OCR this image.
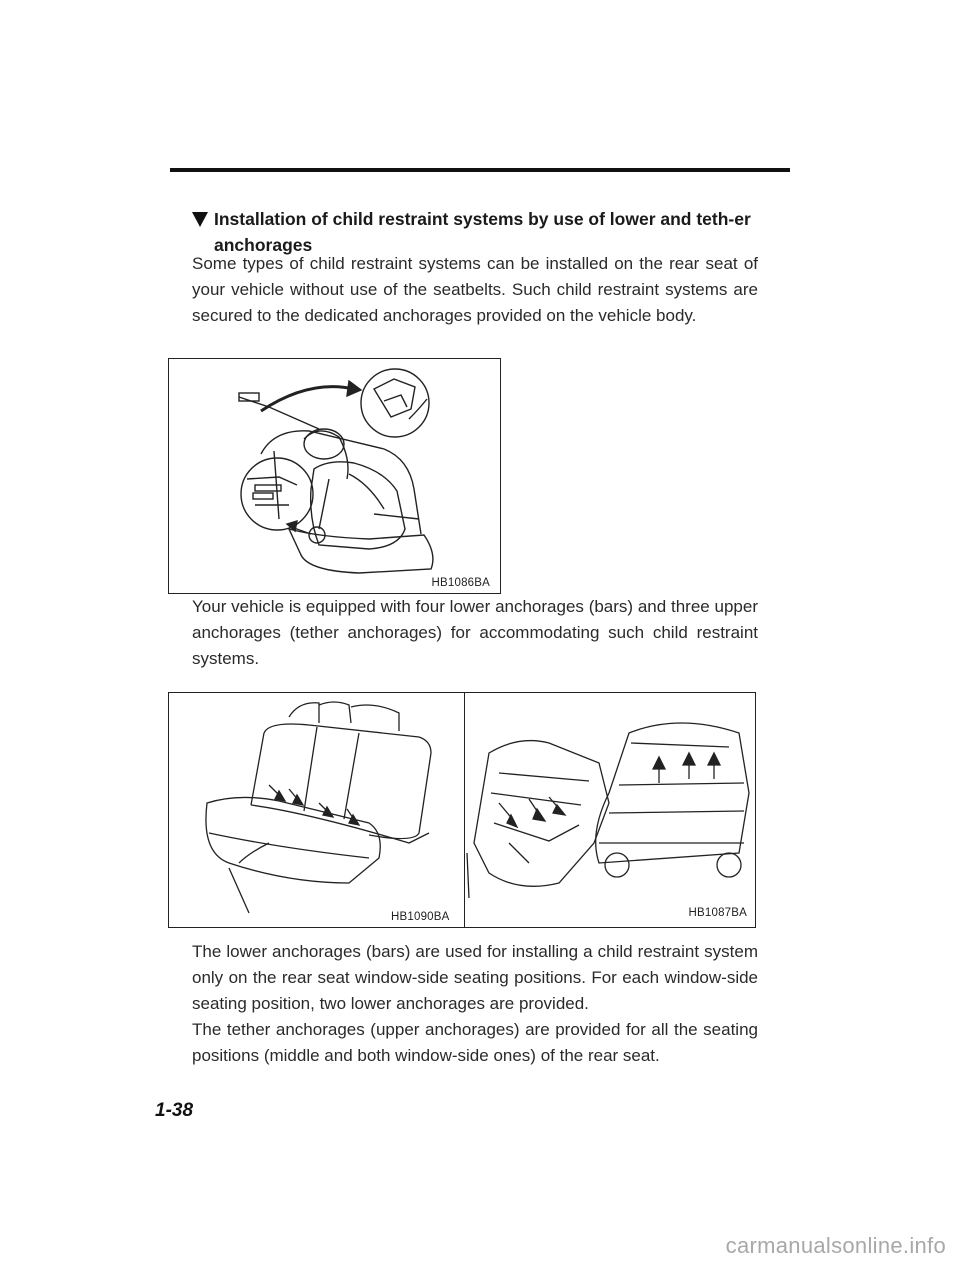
Installation of child restraint systems by use of lower and teth-er anchorages
Some types of child restraint systems can be installed on the rear seat of your vehicle without use of the seatbelts. Such child restraint systems are secured to the dedicated anchorages provided on the vehicle body.
HB1086BA
Your vehicle is equipped with four lower anchorages (bars) and three upper anchorages (tether anchorages) for accommodating such child restraint systems.
HB1090BA	HB1087BA
The lower anchorages (bars) are used for installing a child restraint system only on the rear seat window-side seating positions. For each window-side seating position, two lower anchorages are provided.
The tether anchorages (upper anchorages) are provided for all the seating positions (middle and both window-side ones) of the rear seat.
1-38
carmanualsonline.info
